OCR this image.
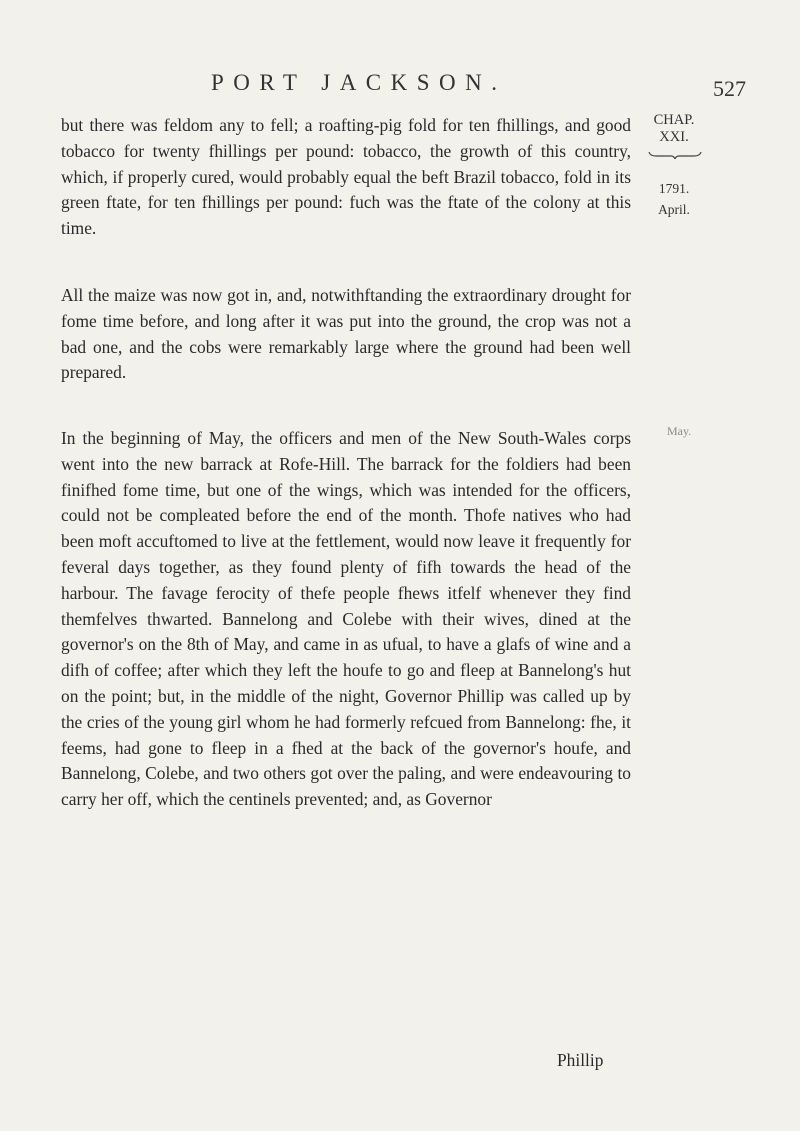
PORT JACKSON.	527
CHAP.
XXI.
1791.
April.
May.

but there was feldom any to fell; a roafting-pig fold for ten fhillings, and good tobacco for twenty fhillings per pound: tobacco, the growth of this country, which, if properly cured, would probably equal the beft Brazil tobacco, fold in its green ftate, for ten fhillings per pound: fuch was the ftate of the colony at this time.

All the maize was now got in, and, notwithftanding the extraordinary drought for fome time before, and long after it was put into the ground, the crop was not a bad one, and the cobs were remarkably large where the ground had been well prepared.

In the beginning of May, the officers and men of the New South-Wales corps went into the new barrack at Rofe-Hill. The barrack for the foldiers had been finifhed fome time, but one of the wings, which was intended for the officers, could not be compleated before the end of the month. Thofe natives who had been moft accuftomed to live at the fettlement, would now leave it frequently for feveral days together, as they found plenty of fifh towards the head of the harbour. The favage ferocity of thefe people fhews itfelf whenever they find themfelves thwarted. Bannelong and Colebe with their wives, dined at the governor's on the 8th of May, and came in as ufual, to have a glafs of wine and a difh of coffee; after which they left the houfe to go and fleep at Bannelong's hut on the point; but, in the middle of the night, Governor Phillip was called up by the cries of the young girl whom he had formerly refcued from Bannelong: fhe, it feems, had gone to fleep in a fhed at the back of the governor's houfe, and Bannelong, Colebe, and two others got over the paling, and were endeavouring to carry her off, which the centinels prevented; and, as Governor

Phillip
